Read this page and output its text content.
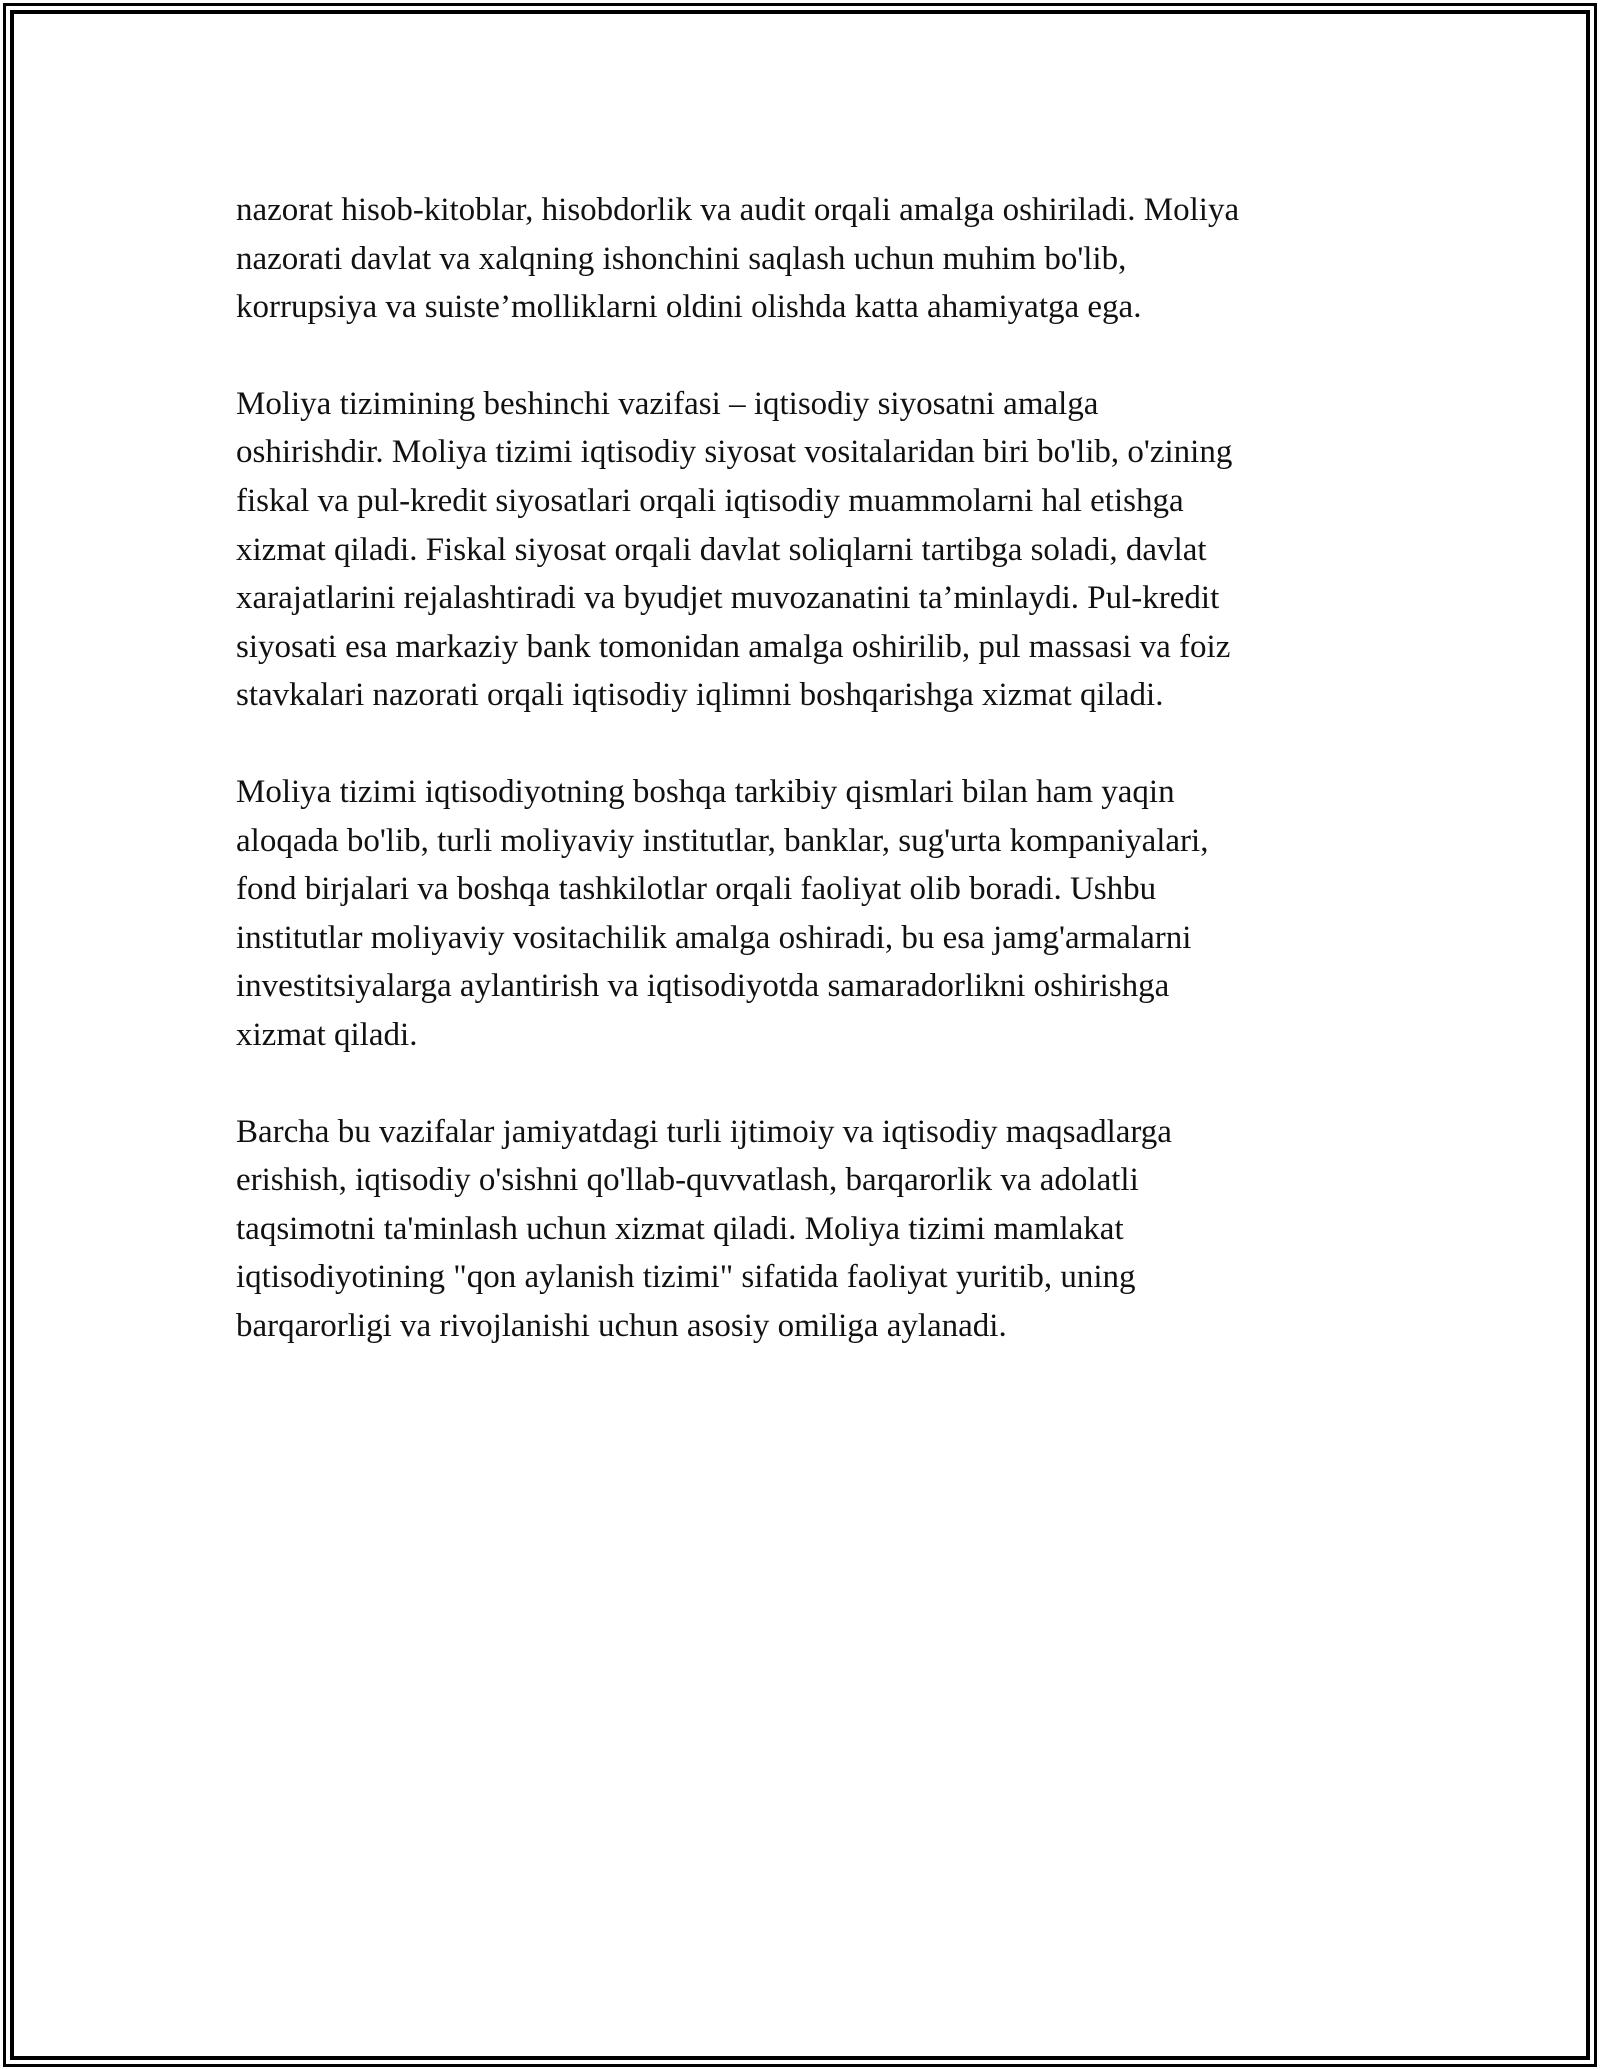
nazorat hisob-kitoblar, hisobdorlik va audit orqali amalga oshiriladi. Moliya
nazorati davlat va xalqning ishonchini saqlash uchun muhim bo'lib,
korrupsiya va suiste’molliklarni oldini olishda katta ahamiyatga ega.

Moliya tizimining beshinchi vazifasi – iqtisodiy siyosatni amalga
oshirishdir. Moliya tizimi iqtisodiy siyosat vositalaridan biri bo'lib, o'zining
fiskal va pul-kredit siyosatlari orqali iqtisodiy muammolarni hal etishga
xizmat qiladi. Fiskal siyosat orqali davlat soliqlarni tartibga soladi, davlat
xarajatlarini rejalashtiradi va byudjet muvozanatini ta’minlaydi. Pul-kredit
siyosati esa markaziy bank tomonidan amalga oshirilib, pul massasi va foiz
stavkalari nazorati orqali iqtisodiy iqlimni boshqarishga xizmat qiladi.

Moliya tizimi iqtisodiyotning boshqa tarkibiy qismlari bilan ham yaqin
aloqada bo'lib, turli moliyaviy institutlar, banklar, sug'urta kompaniyalari,
fond birjalari va boshqa tashkilotlar orqali faoliyat olib boradi. Ushbu
institutlar moliyaviy vositachilik amalga oshiradi, bu esa jamg'armalarni
investitsiyalarga aylantirish va iqtisodiyotda samaradorlikni oshirishga
xizmat qiladi.

Barcha bu vazifalar jamiyatdagi turli ijtimoiy va iqtisodiy maqsadlarga
erishish, iqtisodiy o'sishni qo'llab-quvvatlash, barqarorlik va adolatli
taqsimotni ta'minlash uchun xizmat qiladi. Moliya tizimi mamlakat
iqtisodiyotining "qon aylanish tizimi" sifatida faoliyat yuritib, uning
barqarorligi va rivojlanishi uchun asosiy omiliga aylanadi.
